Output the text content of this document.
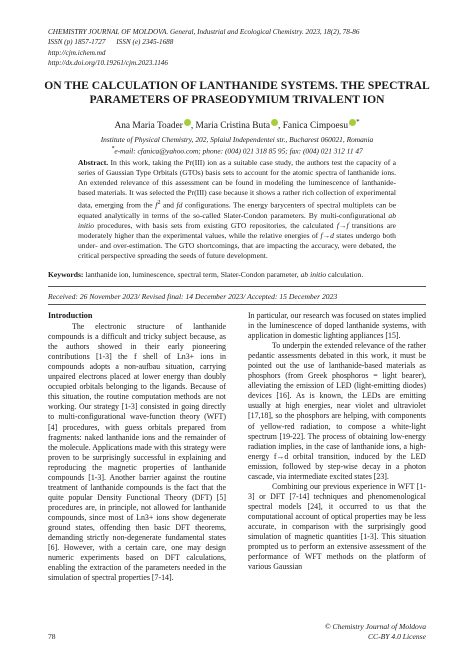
CHEMISTRY JOURNAL OF MOLDOVA. General, Industrial and Ecological Chemistry. 2023, 18(2), 78-86
ISSN (p) 1857-1727      ISSN (e) 2345-1688
http://cjm.ichem.md
http://dx.doi.org/10.19261/cjm.2023.1146
ON THE CALCULATION OF LANTHANIDE SYSTEMS. THE SPECTRAL
PARAMETERS OF PRASEODYMIUM TRIVALENT ION
Ana Maria Toader , Maria Cristina Buta , Fanica Cimpoesu *
Institute of Physical Chemistry, 202, Splaiul Independentei str., Bucharest 060021, Romania
*e-mail: cfanica@yahoo.com; phone: (004) 021 318 85 95; fax: (004) 021 312 11 47
Abstract. In this work, taking the Pr(III) ion as a suitable case study, the authors test the capacity of a series of Gaussian Type Orbitals (GTOs) basis sets to account for the atomic spectra of lanthanide ions. An extended relevance of this assessment can be found in modeling the luminescence of lanthanide-based materials. It was selected the Pr(III) case because it shows a rather rich collection of experimental data, emerging from the $f^2$ and fd configurations. The energy barycenters of spectral multiplets can be equated analytically in terms of the so-called Slater-Condon parameters. By multi-configurational ab initio procedures, with basis sets from existing GTO repositories, the calculated f→f transitions are moderately higher than the experimental values, while the relative energies of f→d states undergo both under- and over-estimation. The GTO shortcomings, that are impacting the accuracy, were debated, the critical perspective spreading the seeds of future development.
Keywords: lanthanide ion, luminescence, spectral term, Slater-Condon parameter, ab initio calculation.
Received: 26 November 2023/ Revised final: 14 December 2023/ Accepted: 15 December 2023
Introduction

The electronic structure of lanthanide compounds is a difficult and tricky subject because, as the authors showed in their early pioneering contributions [1-3] the f shell of Ln3+ ions in compounds adopts a non-aufbau situation, carrying unpaired electrons placed at lower energy than doubly occupied orbitals belonging to the ligands. Because of this situation, the routine computation methods are not working. Our strategy [1-3] consisted in going directly to multi-configurational wave-function theory (WFT) [4] procedures, with guess orbitals prepared from fragments: naked lanthanide ions and the remainder of the molecule. Applications made with this strategy were proven to be surprisingly successful in explaining and reproducing the magnetic properties of lanthanide compounds [1-3]. Another barrier against the routine treatment of lanthanide compounds is the fact that the quite popular Density Functional Theory (DFT) [5] procedures are, in principle, not allowed for lanthanide compounds, since most of Ln3+ ions show degenerate ground states, offending then basic DFT theorems, demanding strictly non-degenerate fundamental states [6]. However, with a certain care, one may design numeric experiments based on DFT calculations, enabling the extraction of the parameters needed in the simulation of spectral properties [7-14].

In particular, our research was focused on states implied in the luminescence of doped lanthanide systems, with application in domestic lighting appliances [15].

To underpin the extended relevance of the rather pedantic assessments debated in this work, it must be pointed out the use of lanthanide-based materials as phosphors (from Greek phosphoros = light bearer), alleviating the emission of LED (light-emitting diodes) devices [16]. As is known, the LEDs are emitting usually at high energies, near violet and ultraviolet [17,18], so the phosphors are helping, with components of yellow-red radiation, to compose a white-light spectrum [19-22]. The process of obtaining low-energy radiation implies, in the case of lanthanide ions, a high-energy f→d orbital transition, induced by the LED emission, followed by step-wise decay in a photon cascade, via intermediate excited states [23].

Combining our previous experience in WFT [1-3] or DFT [7-14] techniques and phenomenological spectral models [24], it occurred to us that the computational account of optical properties may be less accurate, in comparison with the surprisingly good simulation of magnetic quantities [1-3]. This situation prompted us to perform an extensive assessment of the performance of WFT methods on the platform of various Gaussian

© Chemistry Journal of Moldova
CC-BY 4.0 License
78
